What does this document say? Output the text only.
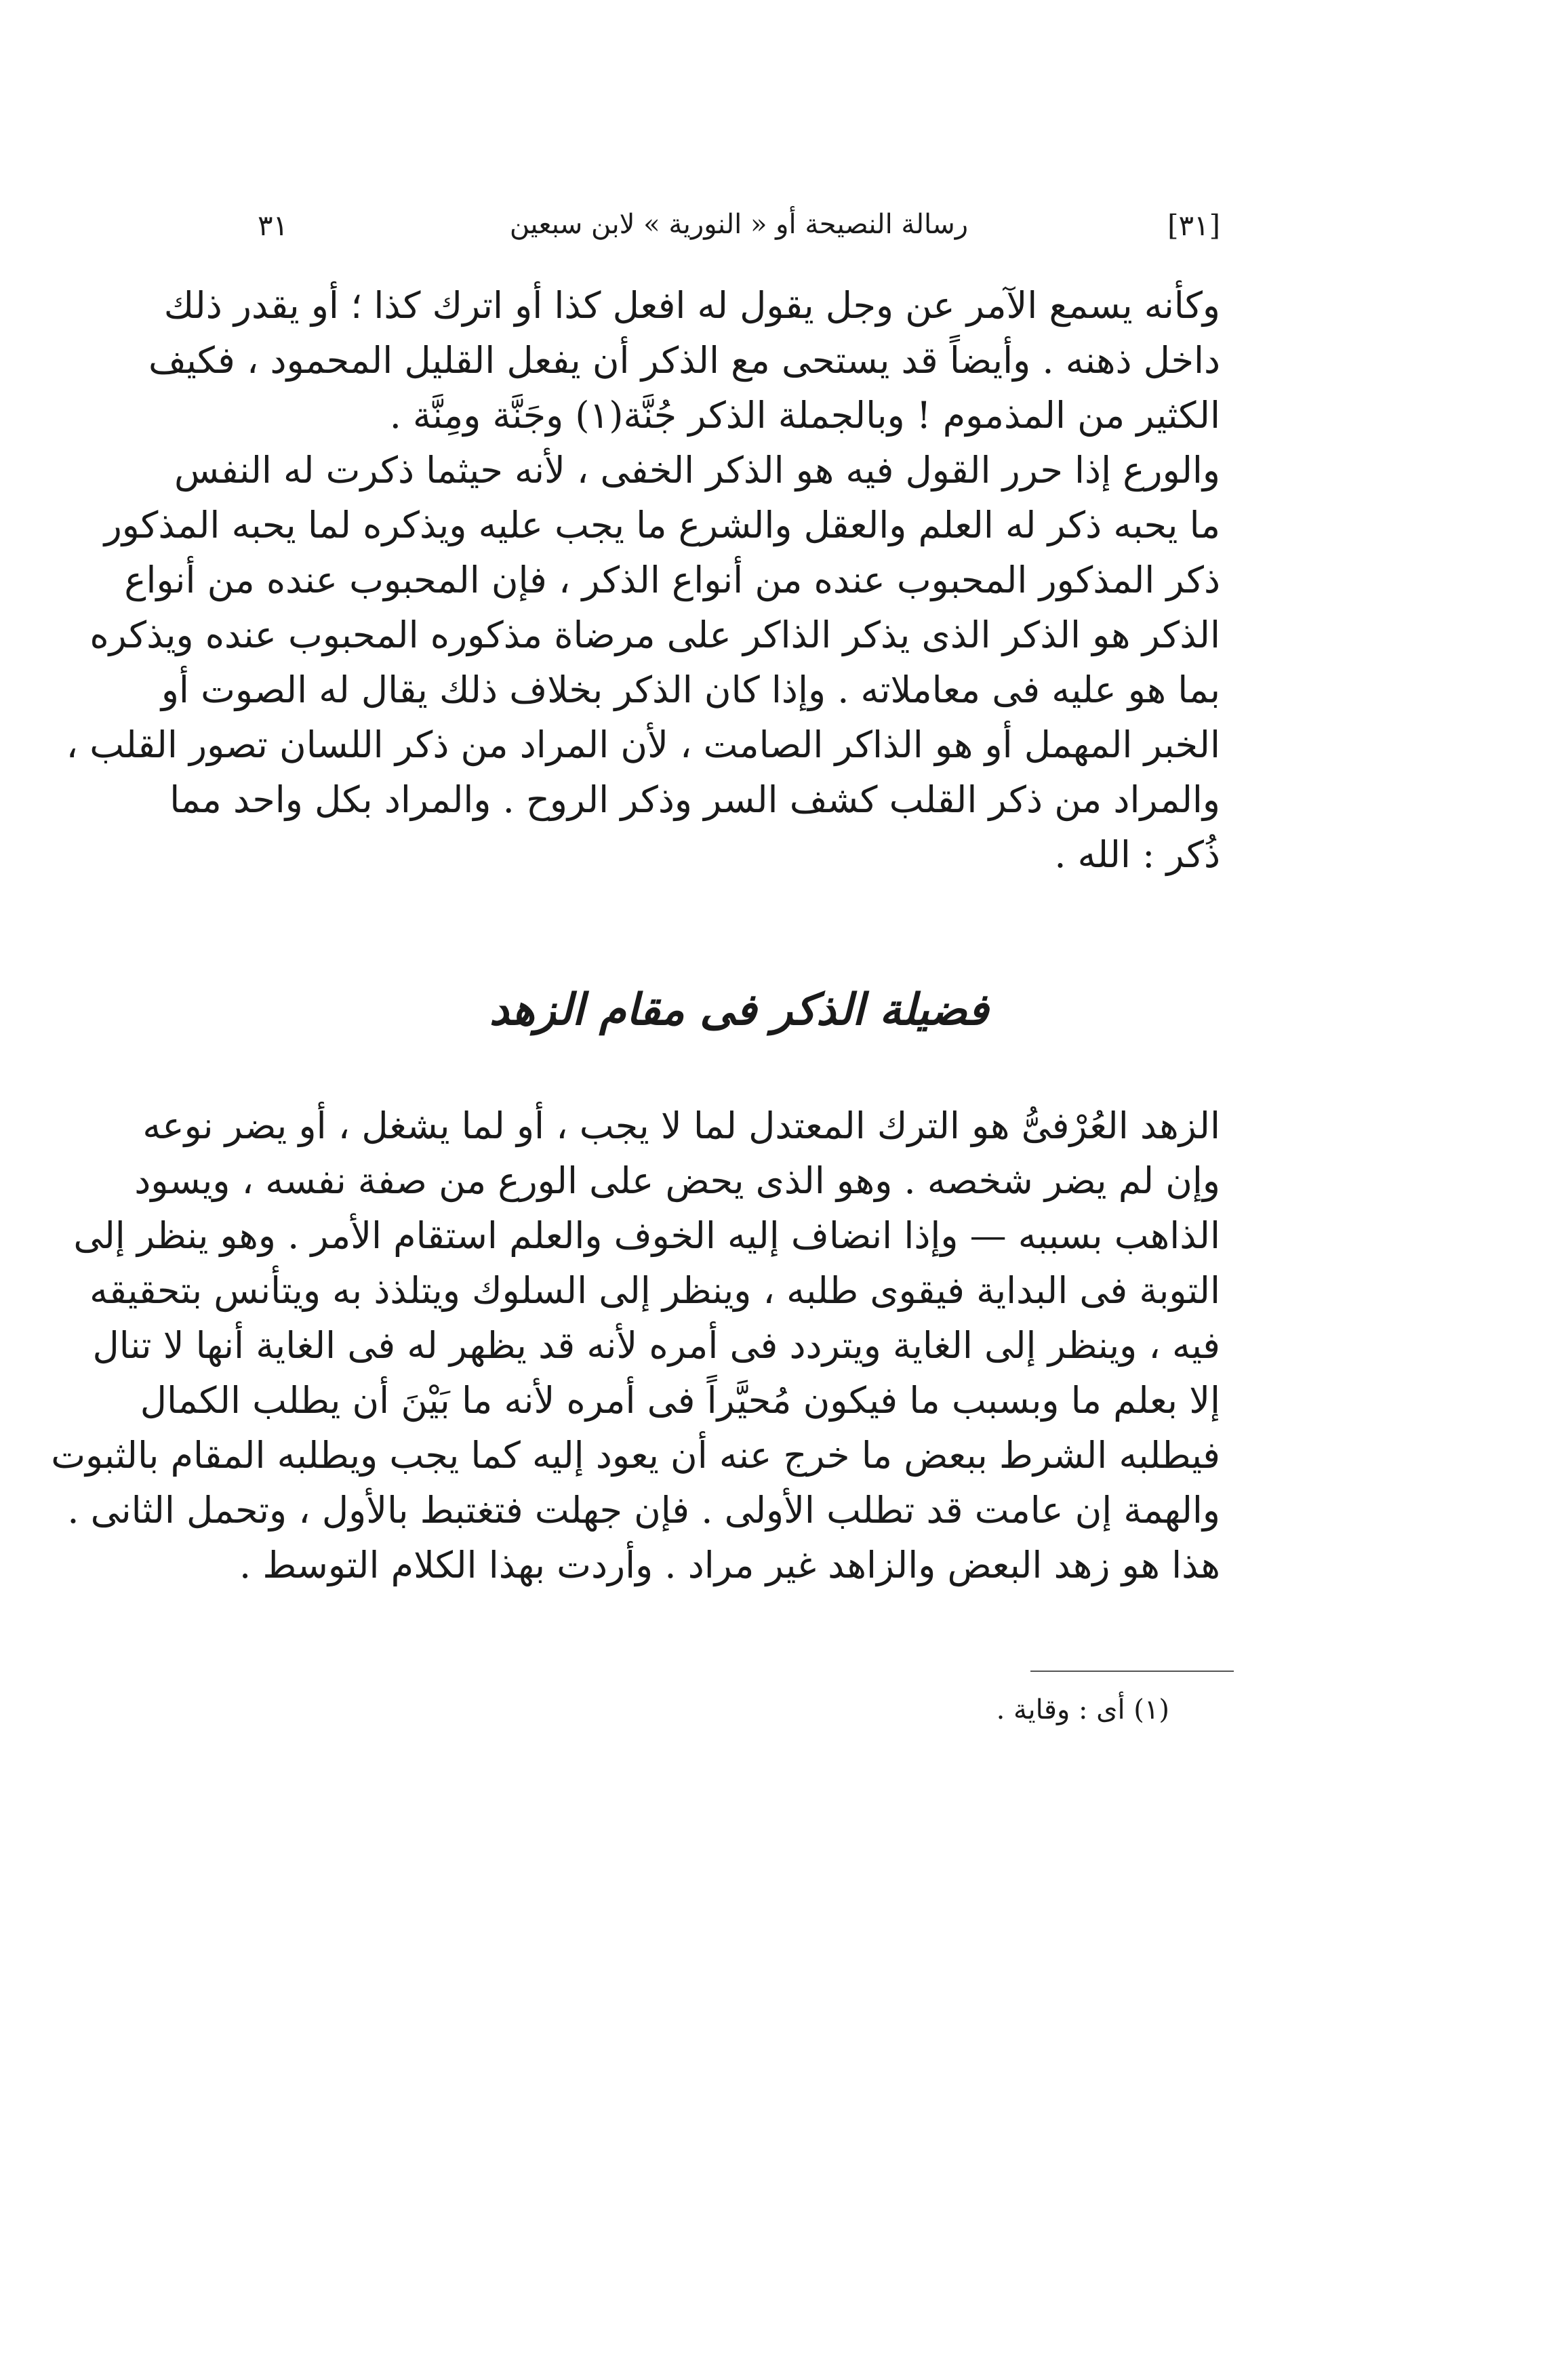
[٣١]
رسالة النصيحة أو « النورية » لابن سبعين
٣١
وكأنه يسمع الآمر عن وجل يقول له افعل كذا أو اترك كذا ؛ أو يقدر ذلك
داخل ذهنه . وأيضاً قد يستحى مع الذكر أن يفعل القليل المحمود ، فكيف
الكثير من المذموم ! وبالجملة الذكر جُنَّة(١) وجَنَّة ومِنَّة .
والورع إذا حرر القول فيه هو الذكر الخفى ، لأنه حيثما ذكرت له النفس
ما يحبه ذكر له العلم والعقل والشرع ما يجب عليه ويذكره لما يحبه المذكور
ذكر المذكور المحبوب عنده من أنواع الذكر ، فإن المحبوب عنده من أنواع
الذكر هو الذكر الذى يذكر الذاكر على مرضاة مذكوره المحبوب عنده ويذكره
بما هو عليه فى معاملاته . وإذا كان الذكر بخلاف ذلك يقال له الصوت أو
الخبر المهمل أو هو الذاكر الصامت ، لأن المراد من ذكر اللسان تصور القلب ،
والمراد من ذكر القلب كشف السر وذكر الروح . والمراد بكل واحد مما
ذُكر : الله .
فضيلة الذكر فى مقام الزهد
الزهد العُرْفىُّ هو الترك المعتدل لما لا يجب ، أو لما يشغل ، أو يضر نوعه
وإن لم يضر شخصه . وهو الذى يحض على الورع من صفة نفسه ، ويسود
الذاهب بسببه — وإذا انضاف إليه الخوف والعلم استقام الأمر . وهو ينظر إلى
التوبة فى البداية فيقوى طلبه ، وينظر إلى السلوك ويتلذذ به ويتأنس بتحقيقه
فيه ، وينظر إلى الغاية ويتردد فى أمره لأنه قد يظهر له فى الغاية أنها لا تنال
إلا بعلم ما وبسبب ما فيكون مُحيَّراً فى أمره لأنه ما بَيْنَ أن يطلب الكمال
فيطلبه الشرط ببعض ما خرج عنه أن يعود إليه كما يجب ويطلبه المقام بالثبوت
والهمة إن عامت قد تطلب الأولى . فإن جهلت فتغتبط بالأول ، وتحمل الثانى .
هذا هو زهد البعض والزاهد غير مراد . وأردت بهذا الكلام التوسط .
(١) أى : وقاية .
